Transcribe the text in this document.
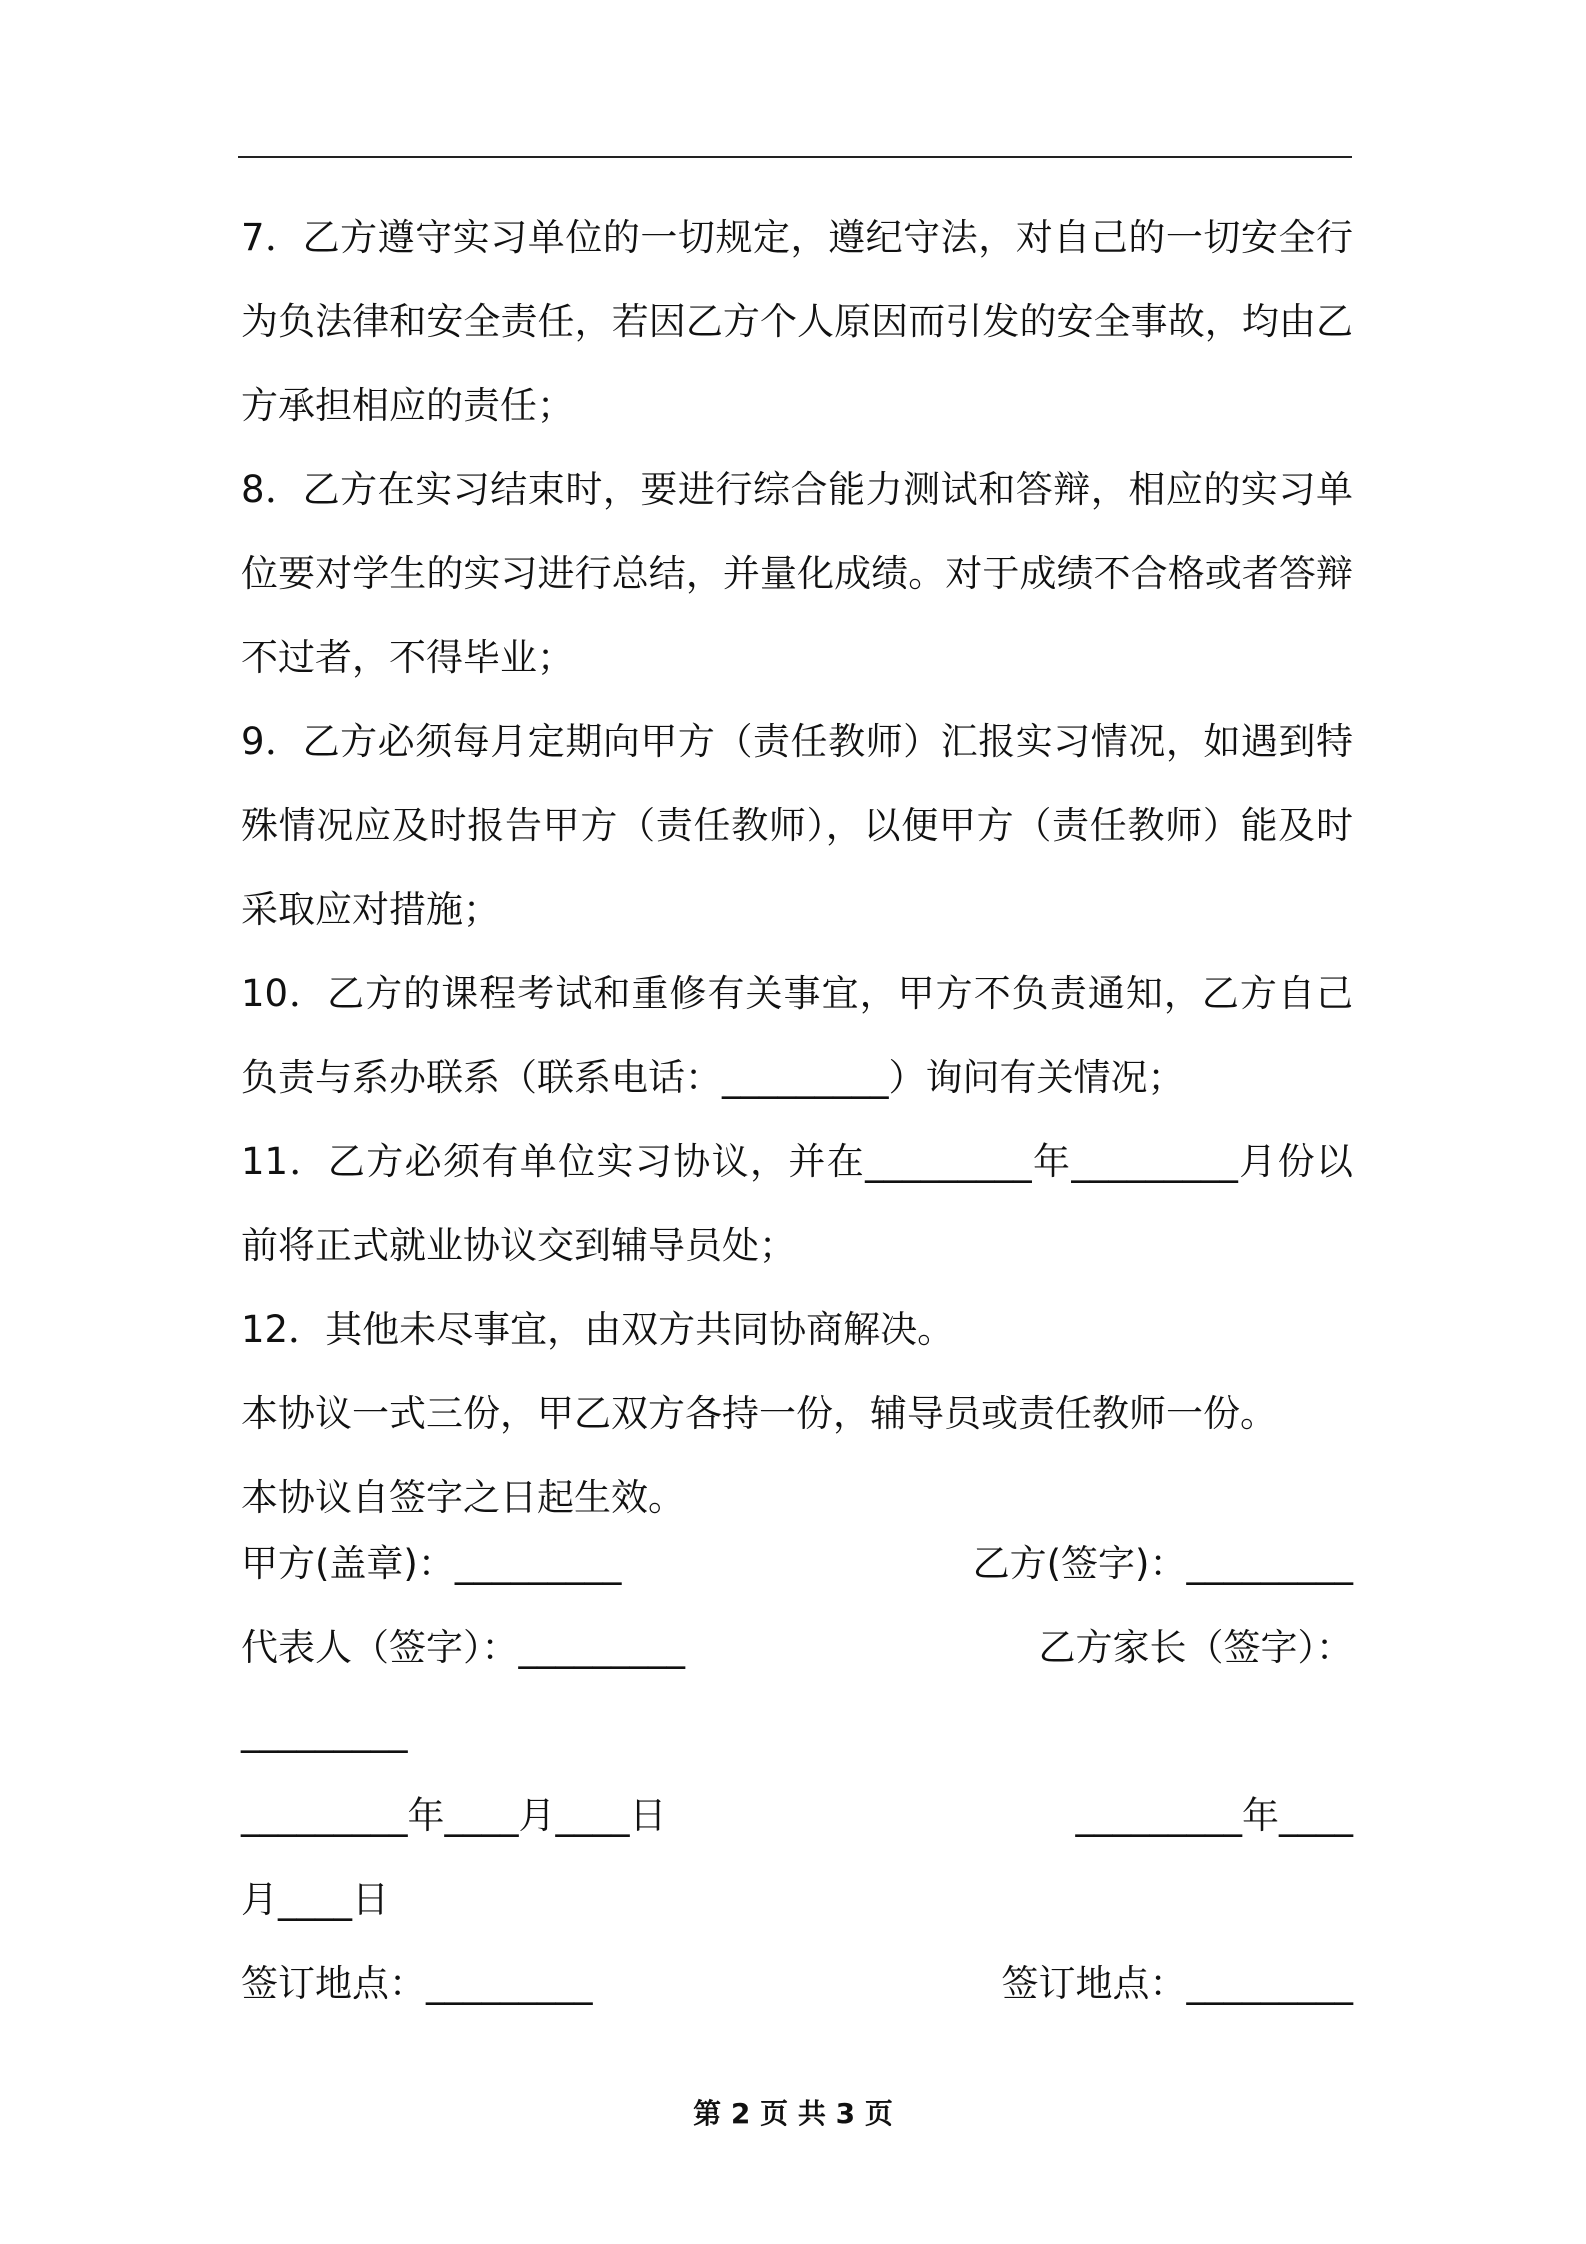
7．乙方遵守实习单位的一切规定，遵纪守法，对自己的一切安全行为负法律和安全责任，若因乙方个人原因而引发的安全事故，均由乙方承担相应的责任；

8．乙方在实习结束时，要进行综合能力测试和答辩，相应的实习单位要对学生的实习进行总结，并量化成绩。对于成绩不合格或者答辩不过者，不得毕业；

9．乙方必须每月定期向甲方（责任教师）汇报实习情况，如遇到特殊情况应及时报告甲方（责任教师），以便甲方（责任教师）能及时采取应对措施；

10．乙方的课程考试和重修有关事宜，甲方不负责通知，乙方自己负责与系办联系（联系电话：_________）询问有关情况；

11．乙方必须有单位实习协议，并在_________年_________月份以前将正式就业协议交到辅导员处；

12．其他未尽事宜，由双方共同协商解决。

本协议一式三份，甲乙双方各持一份，辅导员或责任教师一份。

本协议自签字之日起生效。

甲方(盖章)：_________	乙方(签字)：_________
代表人（签字）：_________	乙方家长（签字）：
_________
_________年____月____日	_________年____
月____日
签订地点：_________	签订地点：_________
第 2 页 共 3 页
